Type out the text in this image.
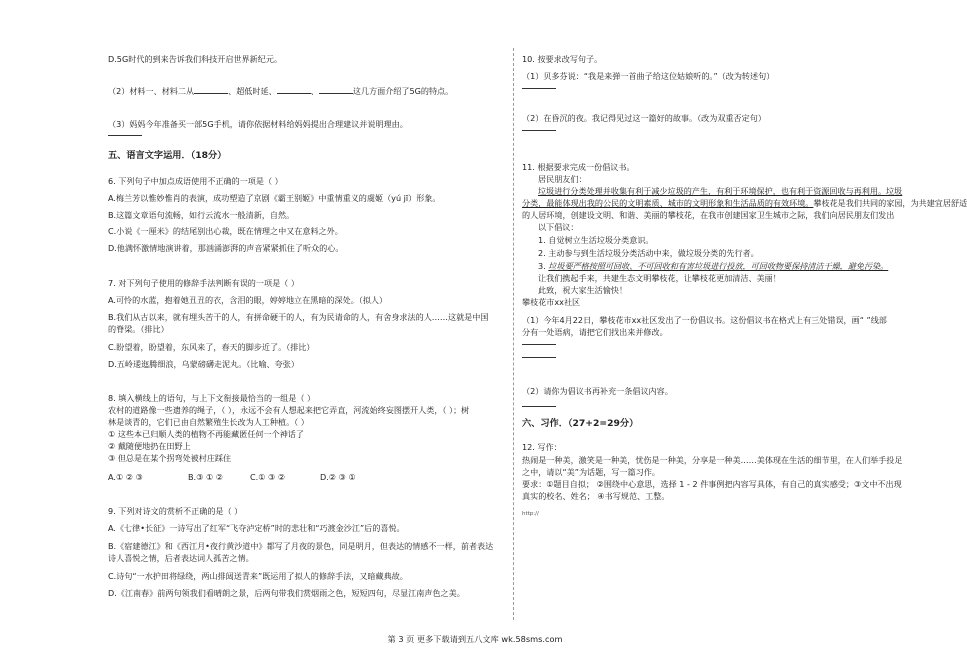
D.5G时代的到来告诉我们科技开启世界新纪元。
（2）材料一、材料二从	、超低时延、	、	这几方面介绍了5G的特点。
（3）妈妈今年准备买一部5G手机，请你依据材料给妈妈提出合理建议并说明理由。
五、语言文字运用．（18分）
6. 下列句子中加点成语使用不正确的一项是（ ）
A.梅兰芳以惟妙惟肖的表演，成功塑造了京剧《霸王别姬》中重情重义的虞姬（yú jī）形象。
B.这篇文章语句流畅，如行云流水一般清新，自然。
C.小说《一厘米》的结尾别出心裁，既在情理之中又在意料之外。
D.他满怀激情地演讲着，那汹涌澎湃的声音紧紧抓住了听众的心。
7. 对下列句子使用的修辞手法判断有误的一项是（ ）
A.可怜的水蓝，抱着她丑丑的衣，含泪的眼，婷婷地立在黑暗的深处。（拟人）
B.我们从古以来，就有埋头苦干的人，有拼命硬干的人，有为民请命的人，有舍身求法的人……这就是中国
的脊梁。（排比）
C.盼望着，盼望着，东风来了，春天的脚步近了。（排比）
D.五岭逶迤腾细浪，乌蒙磅礴走泥丸。（比喻、夸张）
8. 填入横线上的语句，与上下文衔接最恰当的一组是（ ）
农村的道路像一些遗养的绳子，（ ），永远不会有人想起来把它弄直，河流始终妄图摆开人类，（ ）；树
林是谈青的，它们已由自然繁殖生长改为人工种植。（ ）
① 这些本已归顺人类的植物不再能藏匿任何一个神话了
② 戴随便地扔在田野上
③ 但总是在某个拐弯处被村庄踩住
A.① ② ③	B.③ ① ②	C.① ③ ②	D.② ③ ①
9. 下列对诗文的赏析不正确的是（ ）
A.《七律•长征》一诗写出了红军“飞夺泸定桥”时的悲壮和“巧渡金沙江”后的喜悦。
B.《宿建德江》和《西江月•夜行黄沙道中》都写了月夜的景色，同是明月，但表达的情感不一样，前者表达
诗人喜悦之情，后者表达词人孤苦之情。
C.诗句“一水护田将绿绕，两山排闼送青来”既运用了拟人的修辞手法，又暗藏典故。
D.《江南春》前两句领我们看晴朗之景，后两句带我们赏烟雨之色，短短四句，尽显江南声色之美。
10. 按要求改写句子。
（1）贝多芬说：“我是来弹一首曲子给这位姑娘听的。”（改为转述句）
（2）在昏沉的夜。我记得见过这一篇好的故事。（改为双重否定句）
11. 根据要求完成一份倡议书。
居民朋友们：
垃圾进行分类处理并收集有利于减少垃圾的产生，有利于环境保护，也有利于资源回收与再利用。垃圾
分类，最能体现出我的公民的文明素质、城市的文明形象和生活品质的有效环境。攀枝花是我们共同的家园，为共建宜居舒适
的人居环境，创建设文明、和谐、美丽的攀枝花，在我市创建国家卫生城市之际，我们向居民朋友们发出
以下倡议：
1. 自觉树立生活垃圾分类意识。
2. 主动参与到生活垃圾分类活动中来，做垃圾分类的先行者。
3. 垃圾要严格按照可回收、不可回收和有害垃圾进行投放，可回收物要保持清洁干燥，避免污染。
让我们携起手来，共建生态文明攀枝花，让攀枝花更加清洁、美丽！
此致，祝大家生活愉快！
攀枝花市xx社区
（1）今年4月22日，攀枝花市xx社区发出了一份倡议书。这份倡议书在格式上有三处错误，画“ ”线部
分有一处语病，请把它们找出来并修改。
（2）请你为倡议书再补充一条倡议内容。
六、习作．（27+2=29分）
12. 写作：
热闹是一种美，激笑是一种美，忧伤是一种美，分享是一种美……美体现在生活的细节里，在人们举手投足
之中，请以“美”为话题，写一篇习作。
要求：①题目自拟； ②围绕中心意思，选择 1 - 2 件事例把内容写具体，有自己的真实感受；③文中不出现
真实的校名、姓名； ④书写规范、工整。
http://
第 3 页 更多下载请到五八文库 wk.58sms.com
